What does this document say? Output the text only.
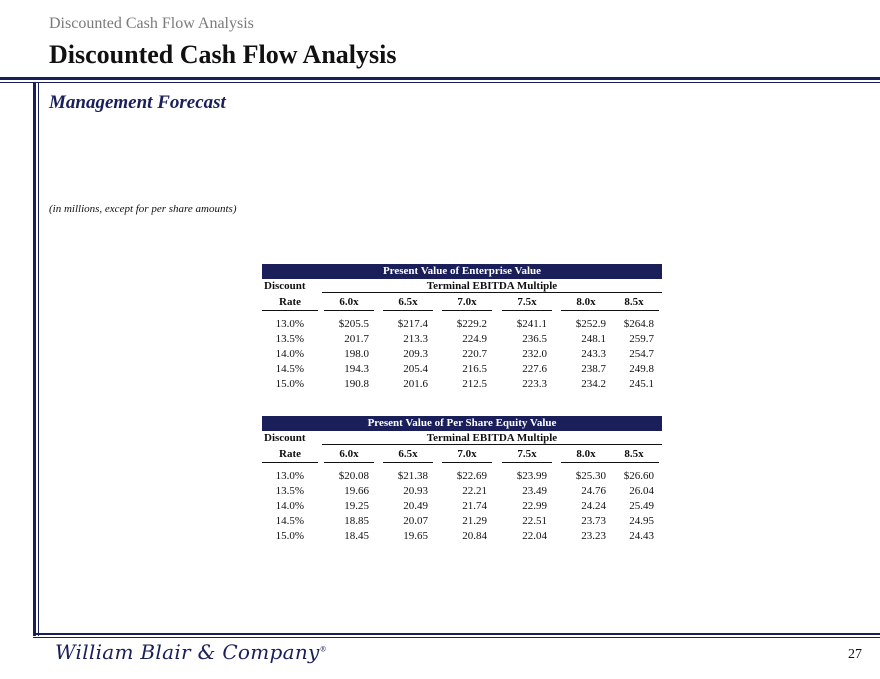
Discounted Cash Flow Analysis
Discounted Cash Flow Analysis
Management Forecast
(in millions, except for per share amounts)
Present Value of Enterprise Value
Discount	Terminal EBITDA Multiple
Rate	6.0x	6.5x	7.0x	7.5x	8.0x	8.5x
13.0%	$205.5	$217.4	$229.2	$241.1	$252.9	$264.8
13.5%	201.7	213.3	224.9	236.5	248.1	259.7
14.0%	198.0	209.3	220.7	232.0	243.3	254.7
14.5%	194.3	205.4	216.5	227.6	238.7	249.8
15.0%	190.8	201.6	212.5	223.3	234.2	245.1
Present Value of Per Share Equity Value
Discount	Terminal EBITDA Multiple
Rate	6.0x	6.5x	7.0x	7.5x	8.0x	8.5x
13.0%	$20.08	$21.38	$22.69	$23.99	$25.30	$26.60
13.5%	19.66	20.93	22.21	23.49	24.76	26.04
14.0%	19.25	20.49	21.74	22.99	24.24	25.49
14.5%	18.85	20.07	21.29	22.51	23.73	24.95
15.0%	18.45	19.65	20.84	22.04	23.23	24.43
William Blair & Company®	27
